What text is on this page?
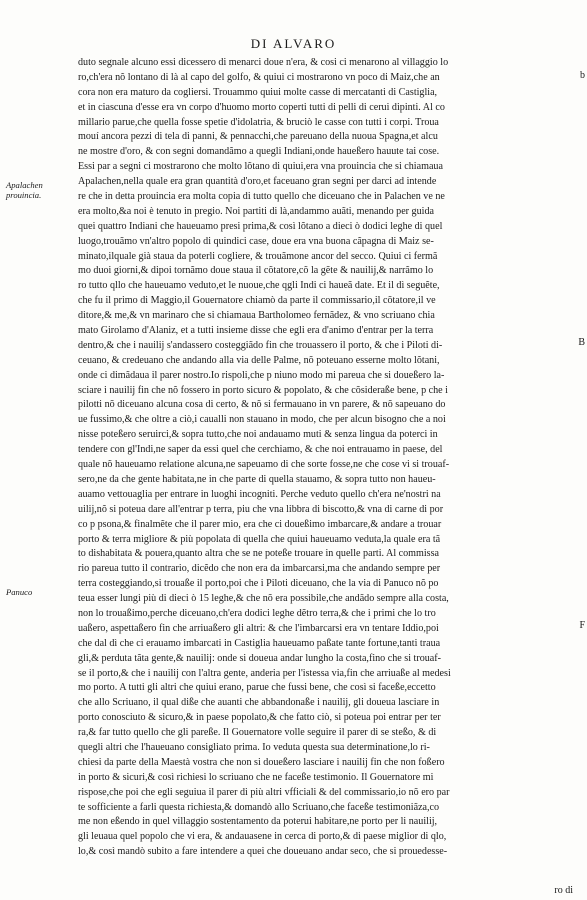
DI ALVARO
Apalachen prouincia.
Panuco
b
B
F
duto segnale alcuno essi dicessero di menarci doue n'era, & cosi ci menarono al villaggio lo
ro,ch'era nõ lontano di là al capo del golfo, & quiui ci mostrarono vn poco di Maiz,che an
cora non era maturo da cogliersi. Trouammo quiui molte casse di mercatanti di Castiglia,
et in ciascuna d'esse era vn corpo d'huomo morto coperti tutti di pelli di cerui dipinti. Al co
millario parue,che quella fosse spetie d'idolatria, & bruciò le casse con tutti i corpi. Troua
mouí ancora pezzi di tela di panni, & pennacchi,che pareuano della nuoua Spagna,et alcu
ne mostre d'oro, & con segni domandãmo a quegli Indiani,onde haueßero hauute tai cose.
Essi par a segni ci mostrarono che molto lõtano di quiui,era vna prouincia che si chiamaua
Apalachen,nella quale era gran quantità d'oro,et faceuano gran segni per darci ad intende
re che in detta prouincia era molta copia di tutto quello che diceuano che in Palachen ve ne
era molto,&a noi è tenuto in pregio. Noi partiti di là,andammo auãti, menando per guida
quei quattro Indiani che haueuamo presi prima,& così lõtano a dieci ò dodici leghe di quel
luogo,trouãmo vn'altro popolo di quindici case, doue era vna buona cãpagna di Maiz se-
minato,ilquale già staua da poterli cogliere, & trouãmone ancor del secco. Quiui ci fermã
mo duoi giorni,& dipoi tornãmo doue staua il cõtatore,cõ la gẽte & nauilij,& narrãmo lo
ro tutto qllo che haueuamo veduto,et le nuoue,che qgli Indi ci haueã date. Et il dì seguẽte,
che fu il primo di Maggio,il Gouernatore chiamò da parte il commissario,il cõtatore,il ve
ditore,& me,& vn marinaro che si chiamaua Bartholomeo fernãdez, & vno scriuano chia
mato Girolamo d'Alaniz, et a tutti insieme disse che egli era d'animo d'entrar per la terra
dentro,& che i nauilij s'andassero costeggiãdo fin che trouassero il porto, & che i Piloti di-
ceuano, & credeuano che andando alla via delle Palme, nõ poteuano esserne molto lõtani,
onde ci dimãdaua il parer nostro.Io rispoli,che p niuno modo mi pareua che si doueßero la-
sciare i nauilij fin che nõ fossero in porto sicuro & popolato, & che cõsideraße bene, p che i
pilotti nõ diceuano alcuna cosa di certo, & nõ si fermauano in vn parere, & nõ sapeuano do
ue fussimo,& che oltre a ciò,i caualli non stauano in modo, che per alcun bisogno che a noi
nisse poteßero seruirci,& sopra tutto,che noi andauamo muti & senza lingua da poterci in
tendere con gl'Indi,ne saper da essi quel che cerchiamo, & che noi entrauamo in paese, del
quale nõ haueuamo relatione alcuna,ne sapeuamo di che sorte fosse,ne che cose vi si trouaf-
sero,ne da che gente habitata,ne in che parte di quella stauamo, & sopra tutto non haueu-
auamo vettouaglia per entrare in luoghi incogniti. Perche veduto quello ch'era ne'nostri na
uilij,nõ si poteua dare all'entrar p terra, piu che vna libbra di biscotto,& vna di carne di por
co p psona,& finalmẽte che il parer mio, era che ci doueßimo imbarcare,& andare a trouar
porto & terra migliore & più popolata di quella che quiui haueuamo veduta,la quale era tã
to dishabitata & pouera,quanto altra che se ne poteße trouare in quelle parti. Al commissa
rio pareua tutto il contrario, dicẽdo che non era da imbarcarsi,ma che andando sempre per
terra costeggiando,si trouaße il porto,poi che i Piloti diceuano, che la via di Panuco nõ po
teua esser lungi più di dieci ò 15 leghe,& che nõ era possibile,che andãdo sempre alla costa,
non lo trouaßimo,perche diceuano,ch'era dodici leghe dẽtro terra,& che i primi che lo tro
uaßero, aspettaßero fin che arriuaßero gli altri: & che l'imbarcarsi era vn tentare Iddio,poi
che dal dì che ci erauamo imbarcati in Castiglia haueuamo paßate tante fortune,tanti traua
gli,& perduta tãta gente,& nauilij: onde si doueua andar lungho la costa,fino che si trouaf-
se il porto,& che i nauilij con l'altra gente, anderia per l'istessa via,fin che arriuaße al medesi
mo porto. A tutti gli altri che quiui erano, parue che fussi bene, che così si faceße,eccetto
che allo Scriuano, il qual diße che auanti che abbandonaße i nauilij, gli doueua lasciare in
porto conosciuto & sicuro,& in paese popolato,& che fatto ciò, si poteua poi entrar per ter
ra,& far tutto quello che gli pareße. Il Gouernatore volle seguire il parer di se steßo, & di
quegli altri che l'haueuano consigliato prima. Io veduta questa sua determinatione,lo ri-
chiesi da parte della Maestà vostra che non si doueßero lasciare i nauilij fin che non foßero
in porto & sicuri,& così richiesi lo scriuano che ne faceße testimonio. Il Gouernatore mi
rispose,che poi che egli seguiua il parer di più altri vfficiali & del commissario,io nõ ero par
te sofficiente a farli questa richiesta,& domandò allo Scriuano,che faceße testimoniãza,co
me non eßendo in quel villaggio sostentamento da poterui habitare,ne porto per li nauilij,
gli leuaua quel popolo che vi era, & andauasene in cerca di porto,& di paese miglior di qlo,
lo,& così mandò subito a fare intendere a quei che doueuano andar seco, che si prouedesse-
ro di
